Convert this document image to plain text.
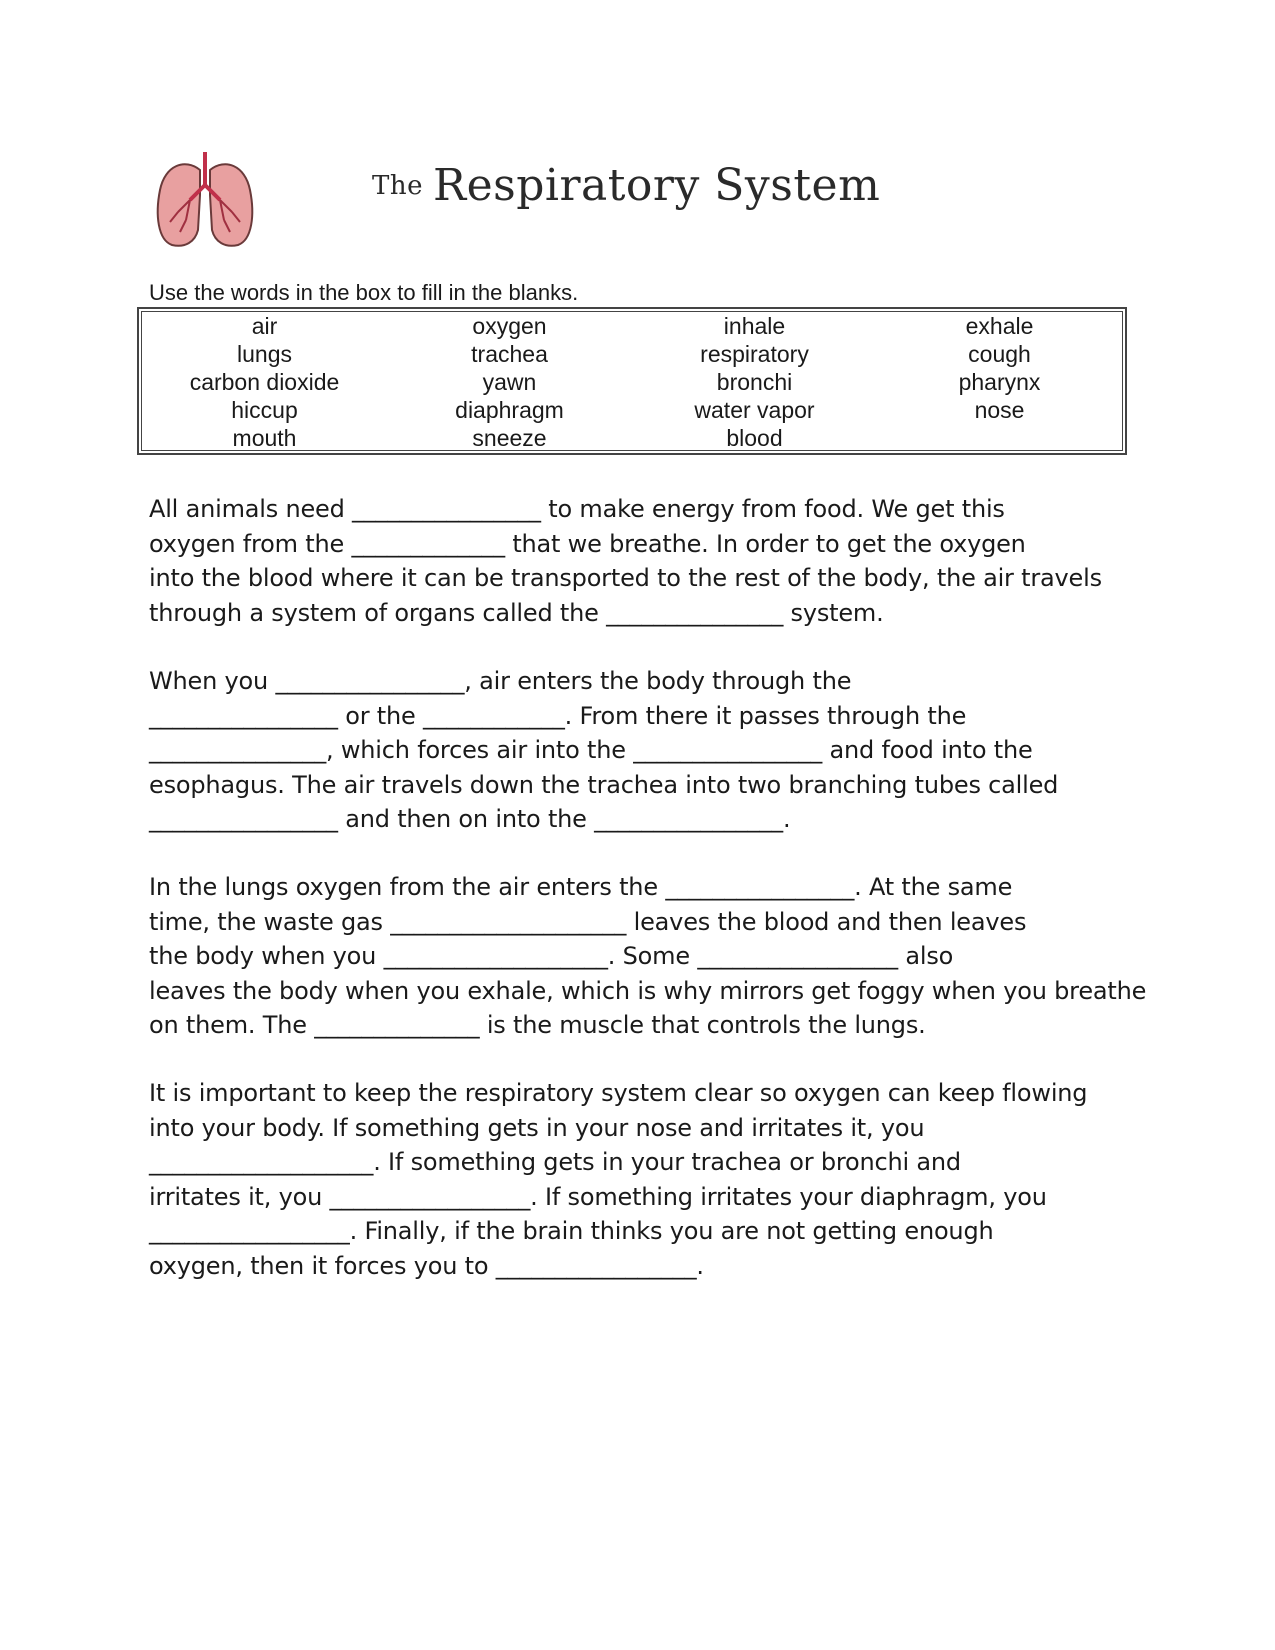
The Respiratory System
Use the words in the box to fill in the blanks.
air	oxygen	inhale	exhale
lungs	trachea	respiratory	cough
carbon dioxide	yawn	bronchi	pharynx
hiccup	diaphragm	water vapor	nose
mouth	sneeze	blood
All animals need ________________ to make energy from food. We get this
oxygen from the _____________ that we breathe. In order to get the oxygen
into the blood where it can be transported to the rest of the body, the air travels
through a system of organs called the _______________ system.
When you ________________, air enters the body through the
________________ or the ____________. From there it passes through the
_______________, which forces air into the ________________ and food into the
esophagus. The air travels down the trachea into two branching tubes called
________________ and then on into the ________________.
In the lungs oxygen from the air enters the ________________. At the same
time, the waste gas ____________________ leaves the blood and then leaves
the body when you ___________________. Some _________________ also
leaves the body when you exhale, which is why mirrors get foggy when you breathe
on them. The ______________ is the muscle that controls the lungs.
It is important to keep the respiratory system clear so oxygen can keep flowing
into your body. If something gets in your nose and irritates it, you
___________________. If something gets in your trachea or bronchi and
irritates it, you _________________. If something irritates your diaphragm, you
_________________. Finally, if the brain thinks you are not getting enough
oxygen, then it forces you to _________________.
